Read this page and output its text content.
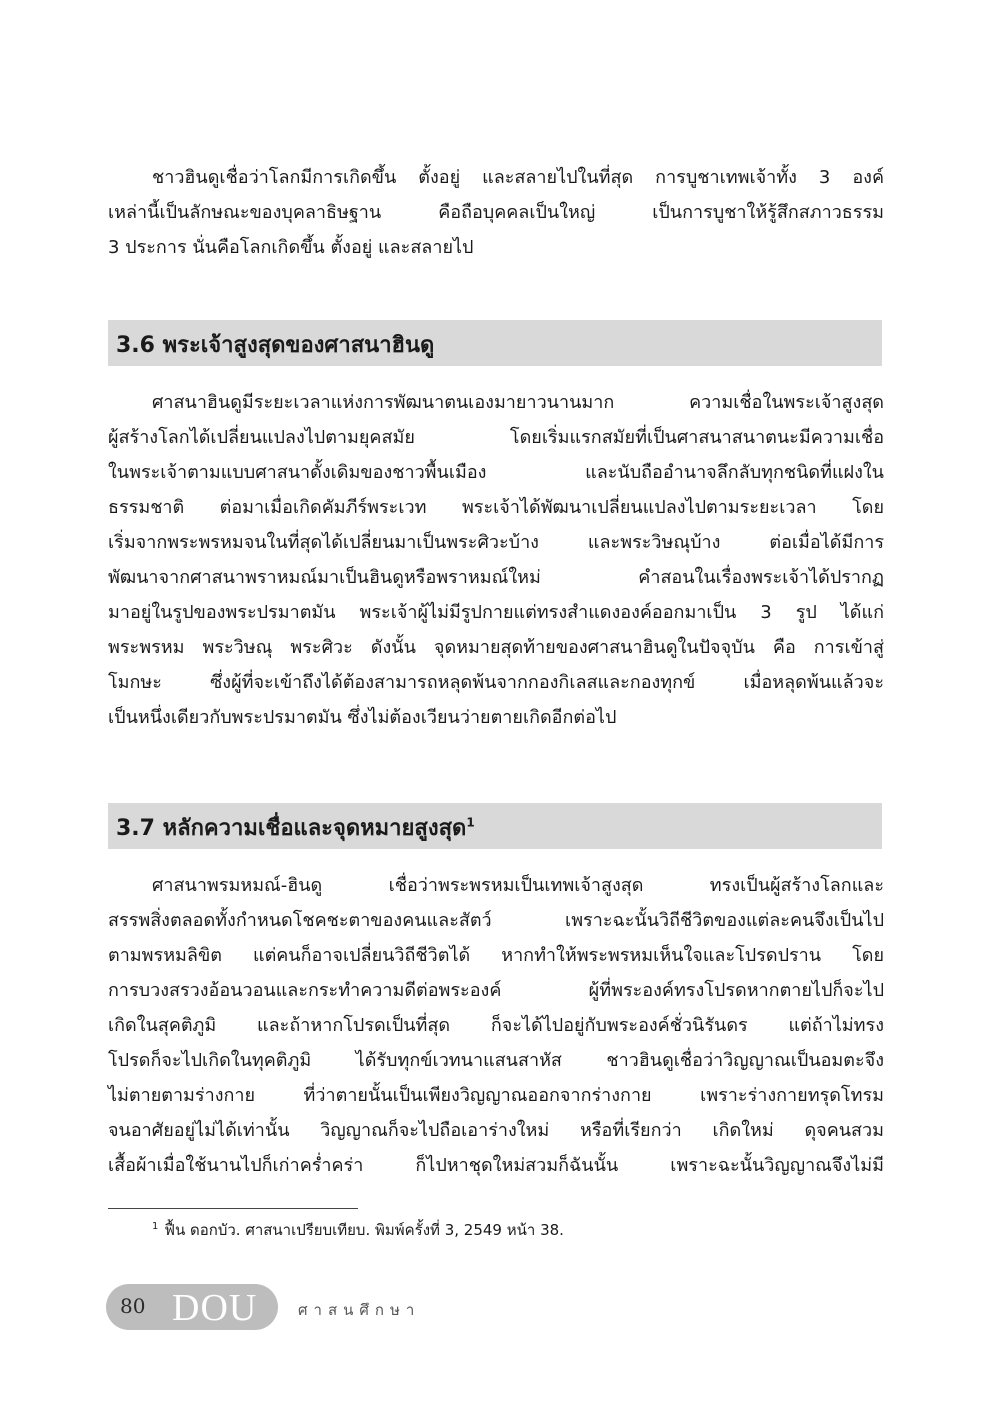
ชาวฮินดูเชื่อว่าโลกมีการเกิดขึ้น ตั้งอยู่ และสลายไปในที่สุด การบูชาเทพเจ้าทั้ง 3 องค์
เหล่านี้เป็นลักษณะของบุคลาธิษฐาน คือถือบุคคลเป็นใหญ่ เป็นการบูชาให้รู้สึกสภาวธรรม
3 ประการ นั่นคือโลกเกิดขึ้น ตั้งอยู่ และสลายไป
3.6 พระเจ้าสูงสุดของศาสนาฮินดู
ศาสนาฮินดูมีระยะเวลาแห่งการพัฒนาตนเองมายาวนานมาก ความเชื่อในพระเจ้าสูงสุด
ผู้สร้างโลกได้เปลี่ยนแปลงไปตามยุคสมัย โดยเริ่มแรกสมัยที่เป็นศาสนาสนาตนะมีความเชื่อ
ในพระเจ้าตามแบบศาสนาดั้งเดิมของชาวพื้นเมือง และนับถืออำนาจลึกลับทุกชนิดที่แฝงใน
ธรรมชาติ ต่อมาเมื่อเกิดคัมภีร์พระเวท พระเจ้าได้พัฒนาเปลี่ยนแปลงไปตามระยะเวลา โดย
เริ่มจากพระพรหมจนในที่สุดได้เปลี่ยนมาเป็นพระศิวะบ้าง และพระวิษณุบ้าง ต่อเมื่อได้มีการ
พัฒนาจากศาสนาพราหมณ์มาเป็นฮินดูหรือพราหมณ์ใหม่ คำสอนในเรื่องพระเจ้าได้ปรากฏ
มาอยู่ในรูปของพระปรมาตมัน พระเจ้าผู้ไม่มีรูปกายแต่ทรงสำแดงองค์ออกมาเป็น 3 รูป ได้แก่
พระพรหม พระวิษณุ พระศิวะ ดังนั้น จุดหมายสุดท้ายของศาสนาฮินดูในปัจจุบัน คือ การเข้าสู่
โมกษะ ซึ่งผู้ที่จะเข้าถึงได้ต้องสามารถหลุดพ้นจากกองกิเลสและกองทุกข์ เมื่อหลุดพ้นแล้วจะ
เป็นหนึ่งเดียวกับพระปรมาตมัน ซึ่งไม่ต้องเวียนว่ายตายเกิดอีกต่อไป
3.7 หลักความเชื่อและจุดหมายสูงสุด$^1$
ศาสนาพรมหมณ์-ฮินดู เชื่อว่าพระพรหมเป็นเทพเจ้าสูงสุด ทรงเป็นผู้สร้างโลกและ
สรรพสิ่งตลอดทั้งกำหนดโชคชะตาของคนและสัตว์ เพราะฉะนั้นวิถีชีวิตของแต่ละคนจึงเป็นไป
ตามพรหมลิขิต แต่คนก็อาจเปลี่ยนวิถีชีวิตได้ หากทำให้พระพรหมเห็นใจและโปรดปราน โดย
การบวงสรวงอ้อนวอนและกระทำความดีต่อพระองค์ ผู้ที่พระองค์ทรงโปรดหากตายไปก็จะไป
เกิดในสุคติภูมิ และถ้าหากโปรดเป็นที่สุด ก็จะได้ไปอยู่กับพระองค์ชั่วนิรันดร แต่ถ้าไม่ทรง
โปรดก็จะไปเกิดในทุคติภูมิ ได้รับทุกข์เวทนาแสนสาหัส ชาวฮินดูเชื่อว่าวิญญาณเป็นอมตะจึง
ไม่ตายตามร่างกาย ที่ว่าตายนั้นเป็นเพียงวิญญาณออกจากร่างกาย เพราะร่างกายทรุดโทรม
จนอาศัยอยู่ไม่ได้เท่านั้น วิญญาณก็จะไปถือเอาร่างใหม่ หรือที่เรียกว่า เกิดใหม่ ดุจคนสวม
เสื้อผ้าเมื่อใช้นานไปก็เก่าคร่ำคร่า ก็ไปหาชุดใหม่สวมก็ฉันนั้น เพราะฉะนั้นวิญญาณจึงไม่มี
$^1$ ฟื้น ดอกบัว. ศาสนาเปรียบเทียบ. พิมพ์ครั้งที่ 3, 2549 หน้า 38.
80 DOU	ศาสนศึกษา
